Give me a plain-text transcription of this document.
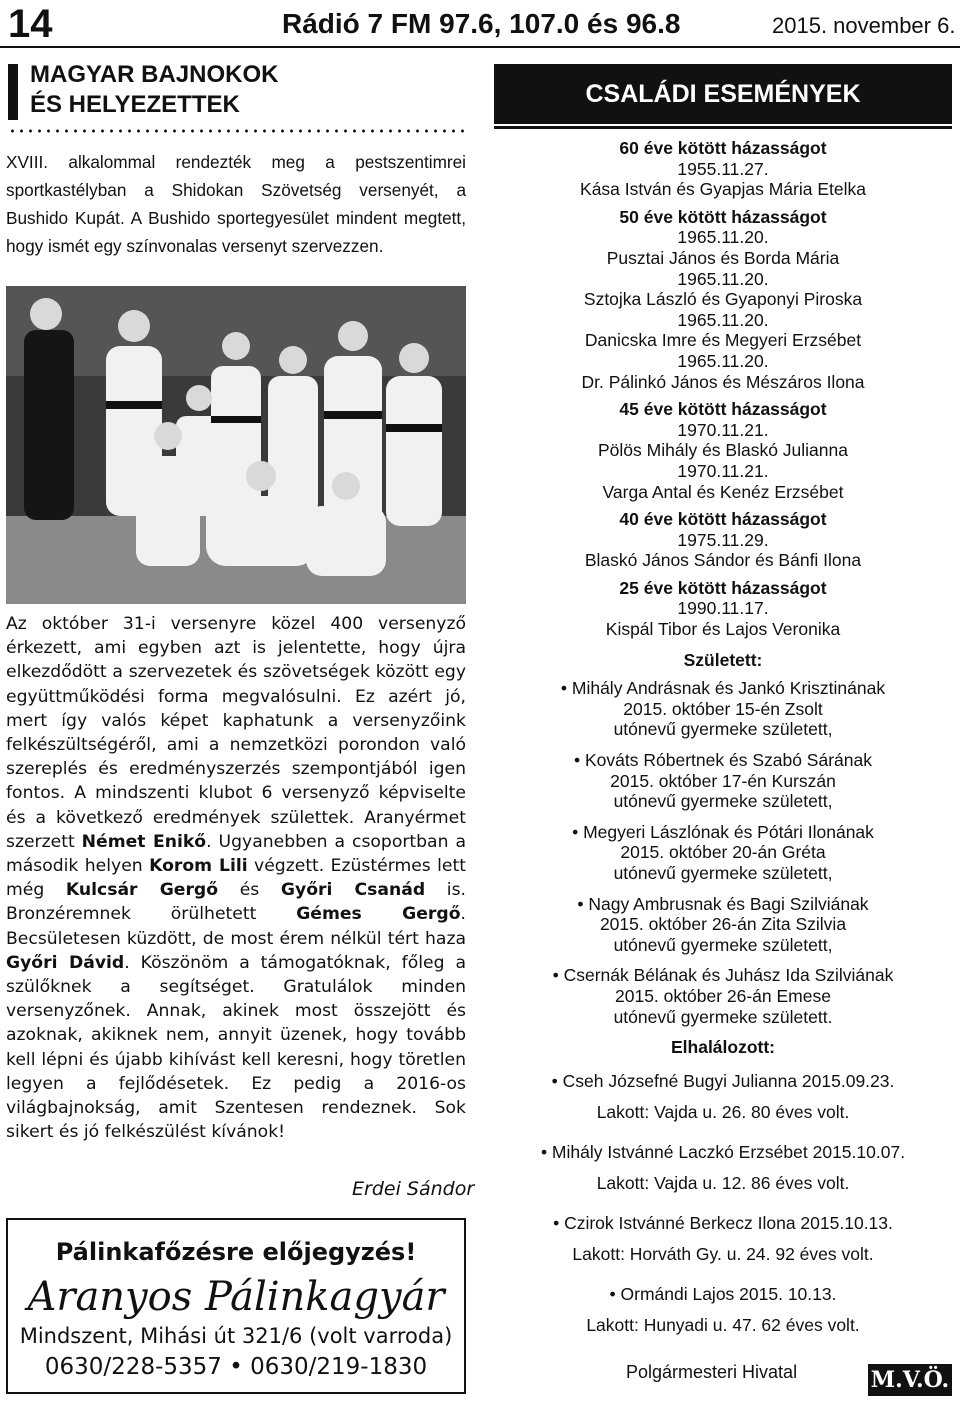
14	Rádió 7 FM 97.6, 107.0 és 96.8	2015. november 6.
MAGYAR BAJNOKOK
ÉS HELYEZETTEK
XVIII. alkalommal rendezték meg a pestszentimrei sportkastélyban a Shidokan Szövetség versenyét, a Bushido Kupát. A Bushido sportegyesület mindent megtett, hogy ismét egy színvonalas versenyt szervezzen.
Az október 31-i versenyre közel 400 versenyző érkezett, ami egyben azt is jelentette, hogy újra elkezdődött a szervezetek és szövetségek között egy együttműködési forma megvalósulni. Ez azért jó, mert így valós képet kaphatunk a versenyzőink felkészültségéről, ami a nemzetközi porondon való szereplés és eredményszerzés szempontjából igen fontos. A mindszenti klubot 6 versenyző képviselte és a következő eredmények születtek. Aranyérmet szerzett Német Enikő. Ugyanebben a csoportban a második helyen Korom Lili végzett. Ezüstérmes lett még Kulcsár Gergő és Győri Csanád is. Bronzéremnek örülhetett Gémes Gergő. Becsületesen küzdött, de most érem nélkül tért haza Győri Dávid. Köszönöm a támogatóknak, főleg a szülőknek a segítséget. Gratulálok minden versenyzőnek. Annak, akinek most összejött és azoknak, akiknek nem, annyit üzenek, hogy tovább kell lépni és újabb kihívást kell keresni, hogy töretlen legyen a fejlődésetek. Ez pedig a 2016-os világbajnokság, amit Szentesen rendeznek. Sok sikert és jó felkészülést kívánok!
Erdei Sándor
Pálinkafőzésre előjegyzés!
Aranyos Pálinkagyár
Mindszent, Mihási út 321/6 (volt varroda)
0630/228-5357 • 0630/219-1830
CSALÁDI ESEMÉNYEK
60 éve kötött házasságot
1955.11.27.
Kása István és Gyapjas Mária Etelka
50 éve kötött házasságot
1965.11.20.
Pusztai János és Borda Mária
1965.11.20.
Sztojka László és Gyaponyi Piroska
1965.11.20.
Danicska Imre és Megyeri Erzsébet
1965.11.20.
Dr. Pálinkó János és Mészáros Ilona
45 éve kötött házasságot
1970.11.21.
Pölös Mihály és Blaskó Julianna
1970.11.21.
Varga Antal és Kenéz Erzsébet
40 éve kötött házasságot
1975.11.29.
Blaskó János Sándor és Bánfi Ilona
25 éve kötött házasságot
1990.11.17.
Kispál Tibor és Lajos Veronika
Született:
• Mihály Andrásnak és Jankó Krisztinának
2015. október 15-én Zsolt
utónevű gyermeke született,
• Kováts Róbertnek és Szabó Sárának
2015. október 17-én Kurszán
utónevű gyermeke született,
• Megyeri Lászlónak és Pótári Ilonának
2015. október 20-án Gréta
utónevű gyermeke született,
• Nagy Ambrusnak és Bagi Szilviának
2015. október 26-án Zita Szilvia
utónevű gyermeke született,
• Csernák Bélának és Juhász Ida Szilviának
2015. október 26-án Emese
utónevű gyermeke született.
Elhalálozott:
• Cseh Józsefné Bugyi Julianna 2015.09.23.
Lakott: Vajda u. 26. 80 éves volt.
• Mihály Istvánné Laczkó Erzsébet 2015.10.07.
Lakott: Vajda u. 12. 86 éves volt.
• Czirok Istvánné Berkecz Ilona 2015.10.13.
Lakott: Horváth Gy. u. 24. 92 éves volt.
• Ormándi Lajos 2015. 10.13.
Lakott: Hunyadi u. 47. 62 éves volt.
Polgármesteri Hivatal	M.V.Ö.
